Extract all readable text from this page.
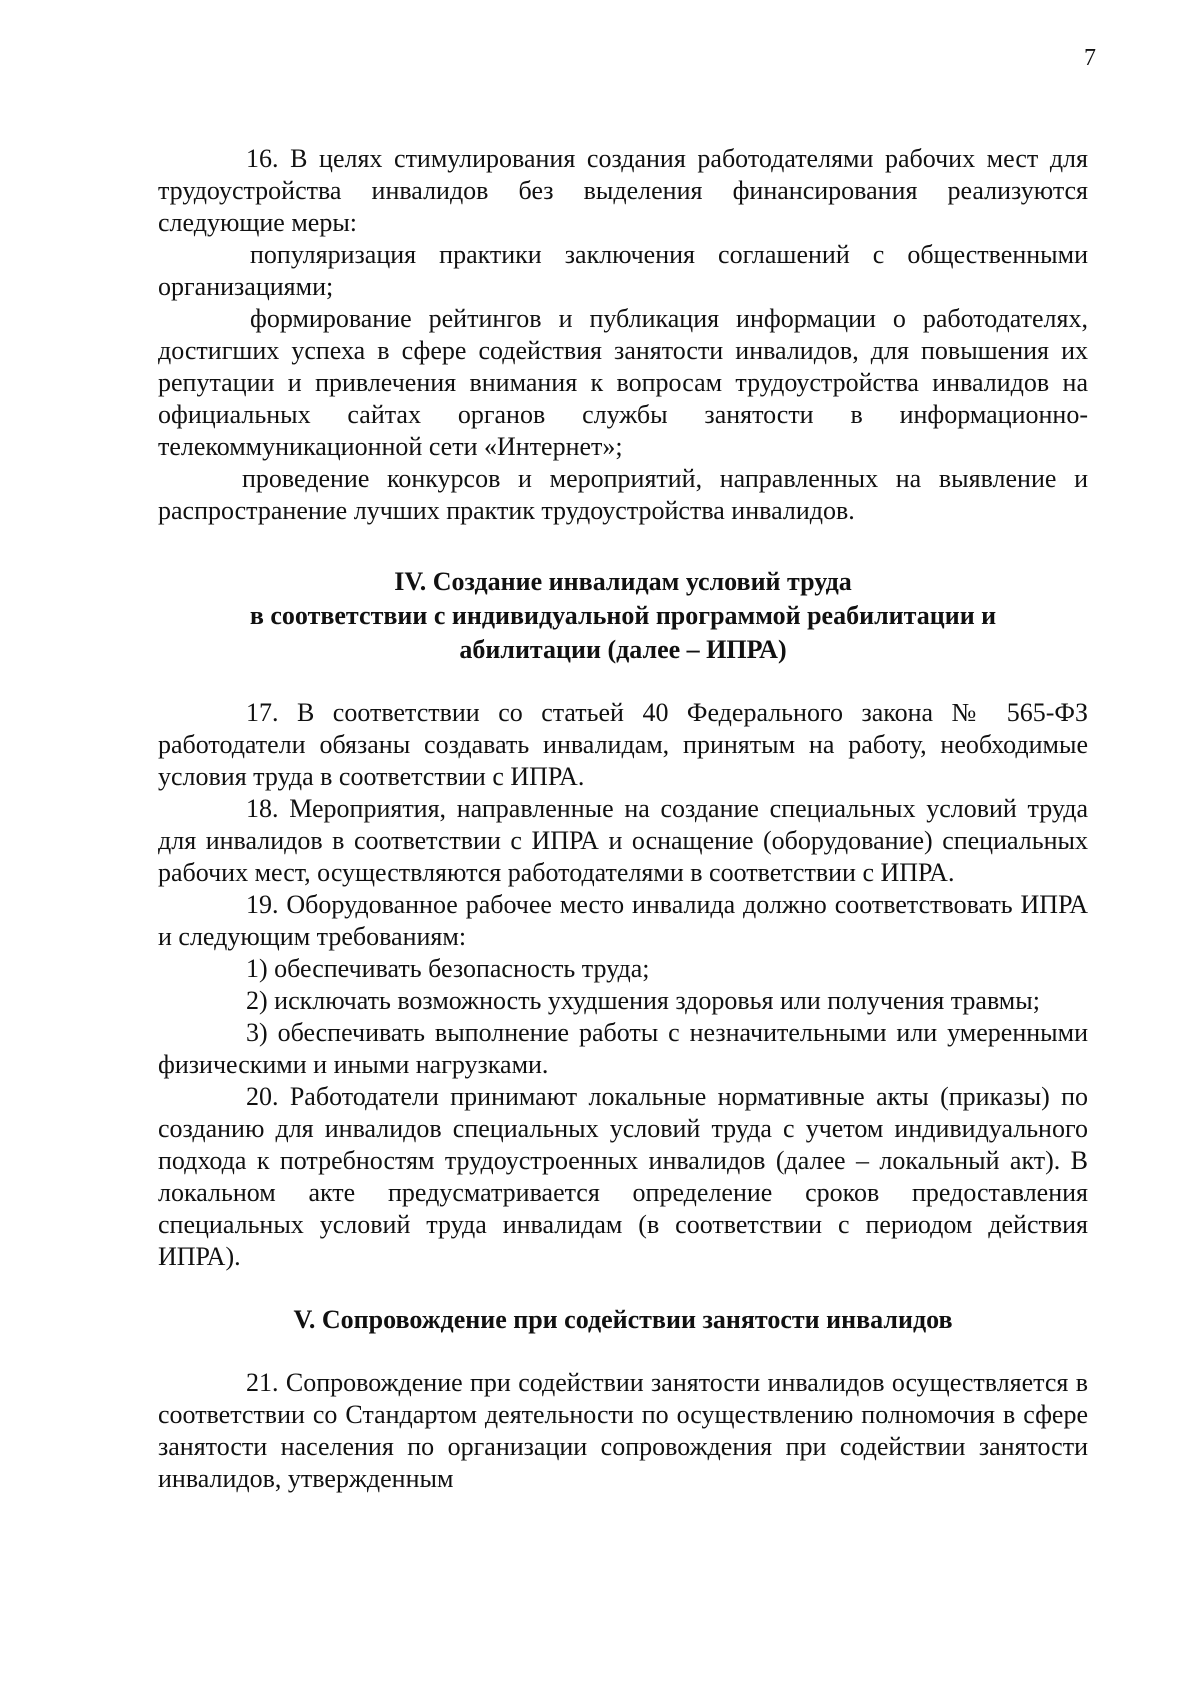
7

16. В целях стимулирования создания работодателями рабочих мест для трудоустройства инвалидов без выделения финансирования реализуются следующие меры:

популяризация практики заключения соглашений с общественными организациями;

формирование рейтингов и публикация информации о работодателях, достигших успеха в сфере содействия занятости инвалидов, для повышения их репутации и привлечения внимания к вопросам трудоустройства инвалидов на официальных сайтах органов службы занятости в информационно-телекоммуникационной сети «Интернет»;

проведение конкурсов и мероприятий, направленных на выявление и распространение лучших практик трудоустройства инвалидов.

IV. Создание инвалидам условий труда
в соответствии с индивидуальной программой реабилитации и
абилитации (далее – ИПРА)

17. В соответствии со статьей 40 Федерального закона № 565-ФЗ работодатели обязаны создавать инвалидам, принятым на работу, необходимые условия труда в соответствии с ИПРА.

18. Мероприятия, направленные на создание специальных условий труда для инвалидов в соответствии с ИПРА и оснащение (оборудование) специальных рабочих мест, осуществляются работодателями в соответствии с ИПРА.

19. Оборудованное рабочее место инвалида должно соответствовать ИПРА и следующим требованиям:

1) обеспечивать безопасность труда;

2) исключать возможность ухудшения здоровья или получения травмы;

3) обеспечивать выполнение работы с незначительными или умеренными физическими и иными нагрузками.

20. Работодатели принимают локальные нормативные акты (приказы) по созданию для инвалидов специальных условий труда с учетом индивидуального подхода к потребностям трудоустроенных инвалидов (далее – локальный акт). В локальном акте предусматривается определение сроков предоставления специальных условий труда инвалидам (в соответствии с периодом действия ИПРА).

V. Сопровождение при содействии занятости инвалидов

21. Сопровождение при содействии занятости инвалидов осуществляется в соответствии со Стандартом деятельности по осуществлению полномочия в сфере занятости населения по организации сопровождения при содействии занятости инвалидов, утвержденным
